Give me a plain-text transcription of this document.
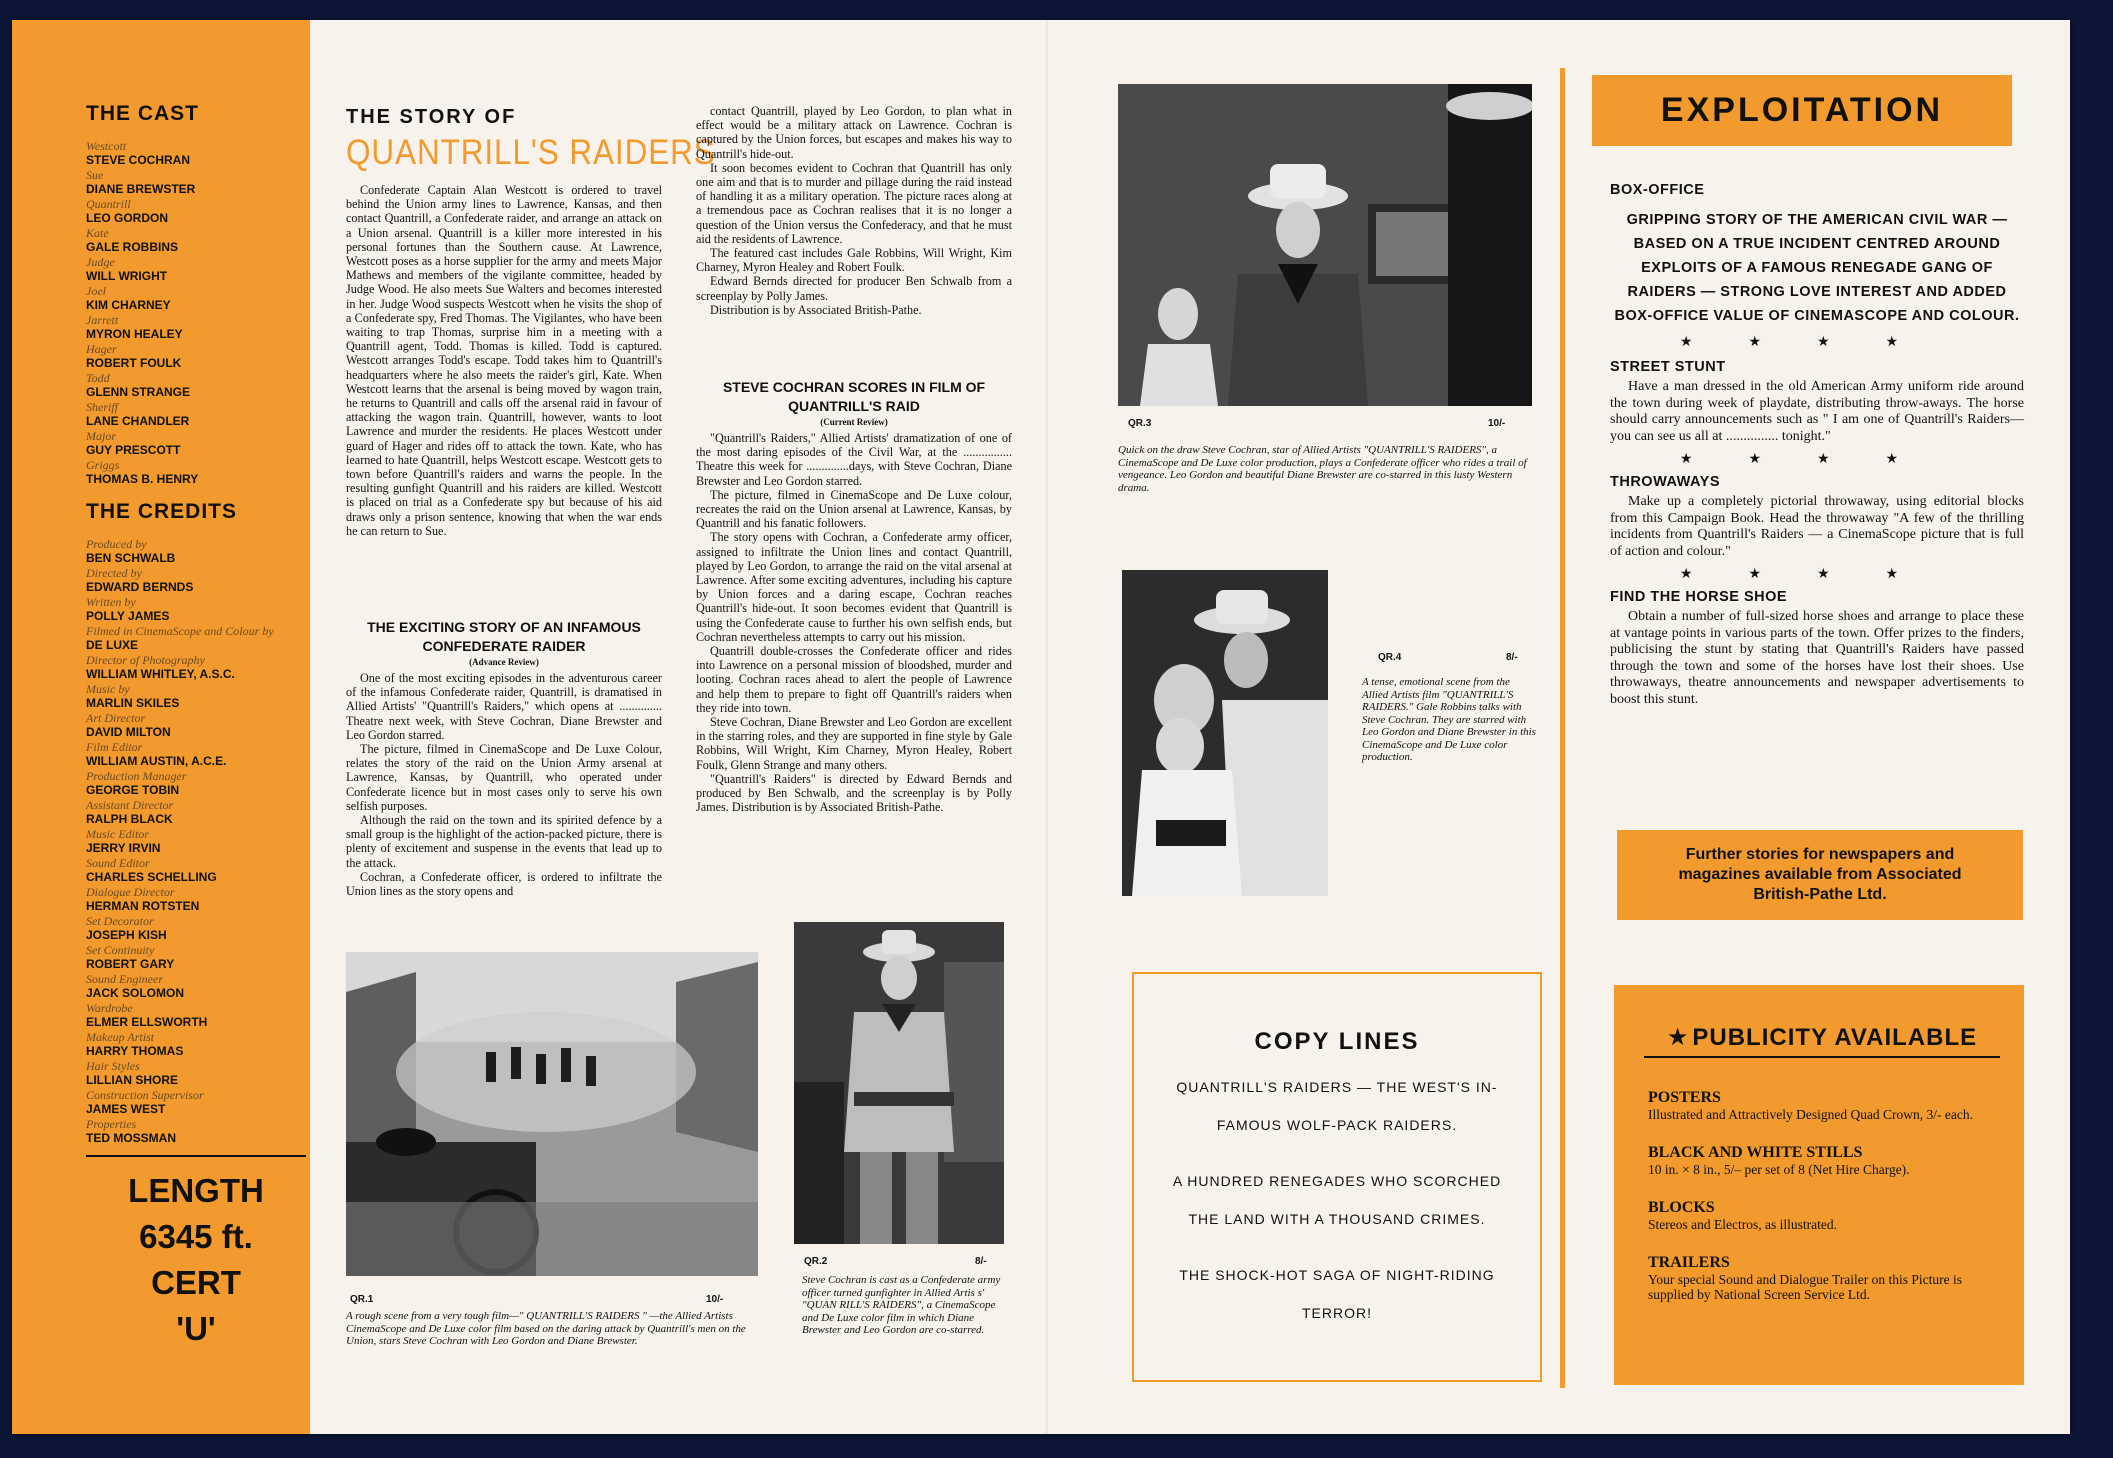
THE CAST
Westcott
STEVE COCHRAN
Sue
DIANE BREWSTER
Quantrill
LEO GORDON
Kate
GALE ROBBINS
Judge
WILL WRIGHT
Joel
KIM CHARNEY
Jarrett
MYRON HEALEY
Hager
ROBERT FOULK
Todd
GLENN STRANGE
Sheriff
LANE CHANDLER
Major
GUY PRESCOTT
Griggs
THOMAS B. HENRY
THE CREDITS
Produced by
BEN SCHWALB
Directed by
EDWARD BERNDS
Written by
POLLY JAMES
Filmed in CinemaScope and Colour by
DE LUXE
Director of Photography
WILLIAM WHITLEY, A.S.C.
Music by
MARLIN SKILES
Art Director
DAVID MILTON
Film Editor
WILLIAM AUSTIN, A.C.E.
Production Manager
GEORGE TOBIN
Assistant Director
RALPH BLACK
Music Editor
JERRY IRVIN
Sound Editor
CHARLES SCHELLING
Dialogue Director
HERMAN ROTSTEN
Set Decorator
JOSEPH KISH
Set Continuity
ROBERT GARY
Sound Engineer
JACK SOLOMON
Wardrobe
ELMER ELLSWORTH
Makeup Artist
HARRY THOMAS
Hair Styles
LILLIAN SHORE
Construction Supervisor
JAMES WEST
Properties
TED MOSSMAN
LENGTH
6345 ft.
CERT
'U'
THE STORY OF
QUANTRILL'S RAIDERS

Confederate Captain Alan Westcott is ordered to travel behind the Union army lines to Lawrence, Kansas, and then contact Quantrill, a Confederate raider, and arrange an attack on a Union arsenal. Quantrill is a killer more interested in his personal fortunes than the Southern cause. At Lawrence, Westcott poses as a horse supplier for the army and meets Major Mathews and members of the vigilante committee, headed by Judge Wood. He also meets Sue Walters and becomes interested in her. Judge Wood suspects Westcott when he visits the shop of a Confederate spy, Fred Thomas. The Vigilantes, who have been waiting to trap Thomas, surprise him in a meeting with a Quantrill agent, Todd. Thomas is killed. Todd is captured. Westcott arranges Todd's escape. Todd takes him to Quantrill's headquarters where he also meets the raider's girl, Kate. When Westcott learns that the arsenal is being moved by wagon train, he returns to Quantrill and calls off the arsenal raid in favour of attacking the wagon train. Quantrill, however, wants to loot Lawrence and murder the residents. He places Westcott under guard of Hager and rides off to attack the town. Kate, who has learned to hate Quantrill, helps Westcott escape. Westcott gets to town before Quantrill's raiders and warns the people. In the resulting gunfight Quantrill and his raiders are killed. Westcott is placed on trial as a Confederate spy but because of his aid draws only a prison sentence, knowing that when the war ends he can return to Sue.

THE EXCITING STORY OF AN INFAMOUS CONFEDERATE RAIDER
(Advance Review)

One of the most exciting episodes in the adventurous career of the infamous Confederate raider, Quantrill, is dramatised in Allied Artists' "Quantrill's Raiders," which opens at .............. Theatre next week, with Steve Cochran, Diane Brewster and Leo Gordon starred.

The picture, filmed in CinemaScope and De Luxe Colour, relates the story of the raid on the Union Army arsenal at Lawrence, Kansas, by Quantrill, who operated under Confederate licence but in most cases only to serve his own selfish purposes.

Although the raid on the town and its spirited defence by a small group is the highlight of the action-packed picture, there is plenty of excitement and suspense in the events that lead up to the attack.

Cochran, a Confederate officer, is ordered to infiltrate the Union lines as the story opens and

contact Quantrill, played by Leo Gordon, to plan what in effect would be a military attack on Lawrence. Cochran is captured by the Union forces, but escapes and makes his way to Quantrill's hide-out.

It soon becomes evident to Cochran that Quantrill has only one aim and that is to murder and pillage during the raid instead of handling it as a military operation. The picture races along at a tremendous pace as Cochran realises that it is no longer a question of the Union versus the Confederacy, and that he must aid the residents of Lawrence.

The featured cast includes Gale Robbins, Will Wright, Kim Charney, Myron Healey and Robert Foulk.

Edward Bernds directed for producer Ben Schwalb from a screenplay by Polly James.

Distribution is by Associated British-Pathe.

STEVE COCHRAN SCORES IN FILM OF QUANTRILL'S RAID
(Current Review)

"Quantrill's Raiders," Allied Artists' dramatization of one of the most daring episodes of the Civil War, at the ................ Theatre this week for ..............days, with Steve Cochran, Diane Brewster and Leo Gordon starred.

The picture, filmed in CinemaScope and De Luxe colour, recreates the raid on the Union arsenal at Lawrence, Kansas, by Quantrill and his fanatic followers.

The story opens with Cochran, a Confederate army officer, assigned to infiltrate the Union lines and contact Quantrill, played by Leo Gordon, to arrange the raid on the vital arsenal at Lawrence. After some exciting adventures, including his capture by Union forces and a daring escape, Cochran reaches Quantrill's hide-out. It soon becomes evident that Quantrill is using the Confederate cause to further his own selfish ends, but Cochran nevertheless attempts to carry out his mission.

Quantrill double-crosses the Confederate officer and rides into Lawrence on a personal mission of bloodshed, murder and looting. Cochran races ahead to alert the people of Lawrence and help them to prepare to fight off Quantrill's raiders when they ride into town.

Steve Cochran, Diane Brewster and Leo Gordon are excellent in the starring roles, and they are supported in fine style by Gale Robbins, Will Wright, Kim Charney, Myron Healey, Robert Foulk, Glenn Strange and many others.

"Quantrill's Raiders" is directed by Edward Bernds and produced by Ben Schwalb, and the screenplay is by Polly James. Distribution is by Associated British-Pathe.

QR.1	10/-
A rough scene from a very tough film—" QUANTRILL'S RAIDERS " —the Allied Artists CinemaScope and De Luxe color film based on the daring attack by Quantrill's men on the Union, stars Steve Cochran with Leo Gordon and Diane Brewster.
QR.2	8/-
Steve Cochran is cast as a Confederate army officer turned gunfighter in Allied Artis s' "QUAN RILL'S RAIDERS", a CinemaScope and De Luxe color film in which Diane Brewster and Leo Gordon are co-starred.
QR.3	10/-
Quick on the draw Steve Cochran, star of Allied Artists "QUANTRILL'S RAIDERS", a CinemaScope and De Luxe color production, plays a Confederate officer who rides a trail of vengeance. Leo Gordon and beautiful Diane Brewster are co-starred in this lusty Western drama.
QR.4	8/-
A tense, emotional scene from the Allied Artists film "QUANTRILL'S RAIDERS." Gale Robbins talks with Steve Cochran. They are starred with Leo Gordon and Diane Brewster in this CinemaScope and De Luxe color production.
COPY LINES
QUANTRILL'S RAIDERS — THE WEST'S IN-
FAMOUS WOLF-PACK RAIDERS.
A HUNDRED RENEGADES WHO SCORCHED
THE LAND WITH A THOUSAND CRIMES.
THE SHOCK-HOT SAGA OF NIGHT-RIDING
TERROR!
EXPLOITATION
BOX-OFFICE
GRIPPING STORY OF THE AMERICAN CIVIL WAR —
BASED ON A TRUE INCIDENT CENTRED AROUND
EXPLOITS OF A FAMOUS RENEGADE GANG OF
RAIDERS — STRONG LOVE INTEREST AND ADDED
BOX-OFFICE VALUE OF CINEMASCOPE AND COLOUR.
★★★★
STREET STUNT

Have a man dressed in the old American Army uniform ride around the town during week of playdate, distributing throw-aways. The horse should carry announcements such as " I am one of Quantrill's Raiders—you can see us all at ............... tonight."

★★★★
THROWAWAYS

Make up a completely pictorial throwaway, using editorial blocks from this Campaign Book. Head the throwaway "A few of the thrilling incidents from Quantrill's Raiders — a CinemaScope picture that is full of action and colour."

★★★★
FIND THE HORSE SHOE

Obtain a number of full-sized horse shoes and arrange to place these at vantage points in various parts of the town. Offer prizes to the finders, publicising the stunt by stating that Quantrill's Raiders have passed through the town and some of the horses have lost their shoes. Use throwaways, theatre announcements and newspaper advertisements to boost this stunt.

Further stories for newspapers and
magazines available from Associated
British-Pathe Ltd.
★ PUBLICITY AVAILABLE
POSTERS
Illustrated and Attractively Designed Quad Crown, 3/- each.
BLACK AND WHITE STILLS
10 in. × 8 in., 5/– per set of 8 (Net Hire Charge).
BLOCKS
Stereos and Electros, as illustrated.
TRAILERS
Your special Sound and Dialogue Trailer on this Picture is supplied by National Screen Service Ltd.
